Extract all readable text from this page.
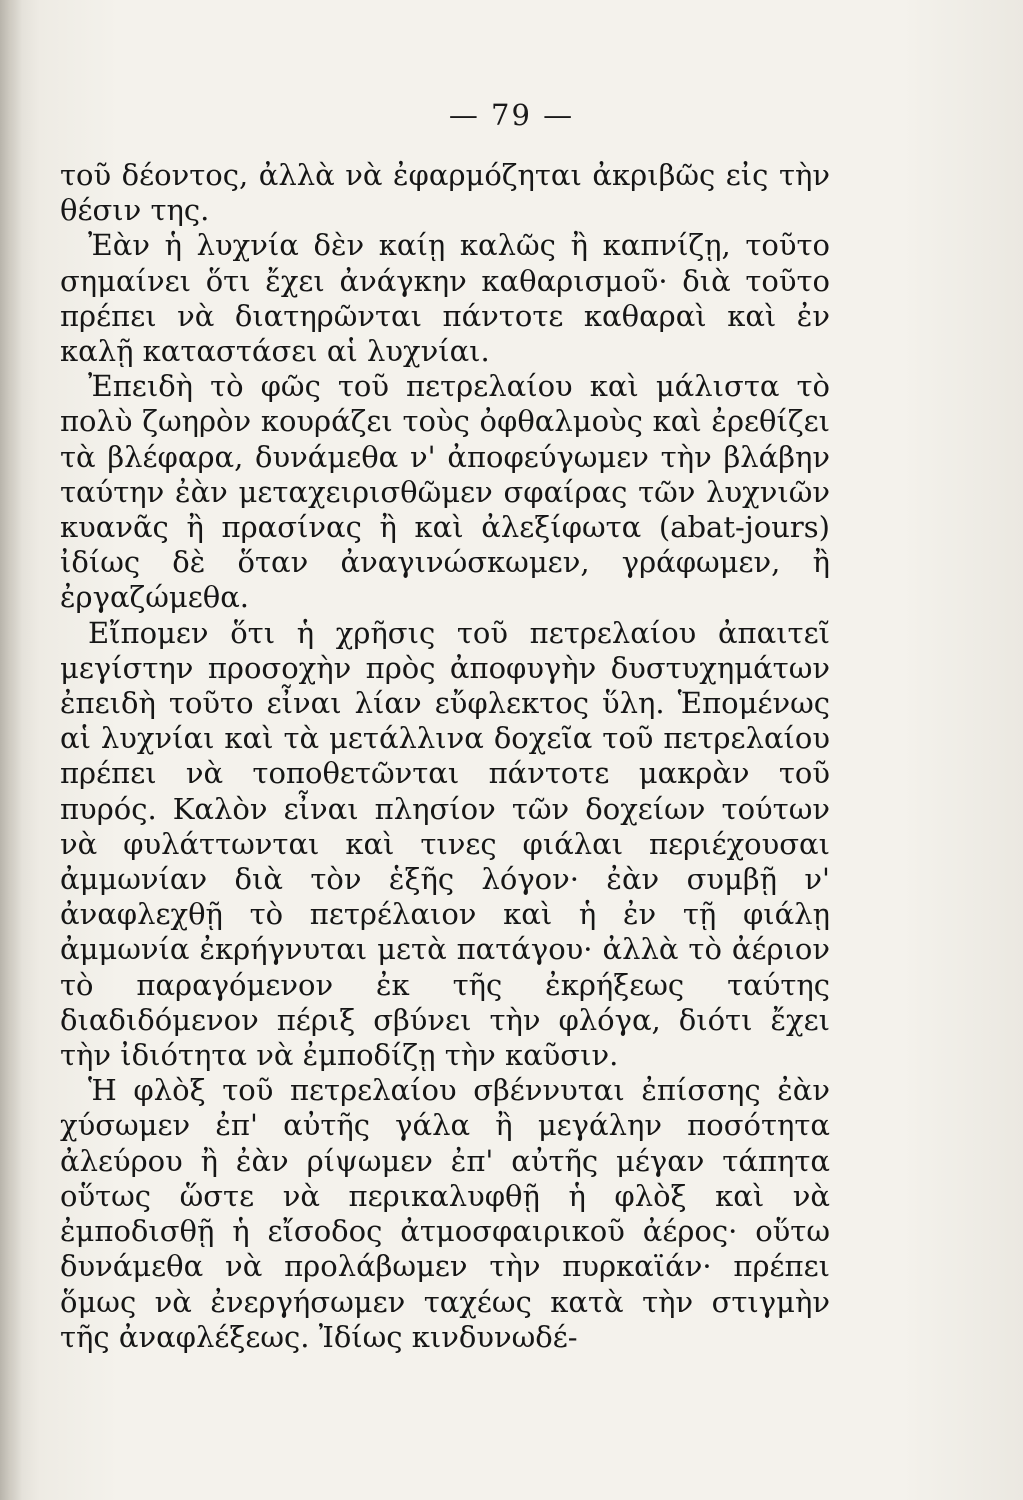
— 79 —

τοῦ δέοντος, ἀλλὰ νὰ ἐφαρμόζηται ἀκριβῶς εἰς τὴν θέσιν της.

Ἐὰν ἡ λυχνία δὲν καίῃ καλῶς ἢ καπνίζῃ, τοῦτο σημαίνει ὅτι ἔχει ἀνάγκην καθαρισμοῦ· διὰ τοῦτο πρέπει νὰ διατηρῶνται πάντοτε καθαραὶ καὶ ἐν καλῇ καταστάσει αἱ λυχνίαι.

Ἐπειδὴ τὸ φῶς τοῦ πετρελαίου καὶ μάλιστα τὸ πολὺ ζωηρὸν κουράζει τοὺς ὀφθαλμοὺς καὶ ἐρεθίζει τὰ βλέφαρα, δυνάμεθα ν' ἀποφεύγωμεν τὴν βλάβην ταύτην ἐὰν μεταχειρισθῶμεν σφαίρας τῶν λυχνιῶν κυανᾶς ἢ πρασίνας ἢ καὶ ἀλεξίφωτα (abat-jours) ἰδίως δὲ ὅταν ἀναγινώσκωμεν, γράφωμεν, ἢ ἐργαζώμεθα.

Εἴπομεν ὅτι ἡ χρῆσις τοῦ πετρελαίου ἀπαιτεῖ μεγίστην προσοχὴν πρὸς ἀποφυγὴν δυστυχημάτων ἐπειδὴ τοῦτο εἶναι λίαν εὔφλεκτος ὕλη. Ἑπομένως αἱ λυχνίαι καὶ τὰ μετάλλινα δοχεῖα τοῦ πετρελαίου πρέπει νὰ τοποθετῶνται πάντοτε μακρὰν τοῦ πυρός. Καλὸν εἶναι πλησίον τῶν δοχείων τούτων νὰ φυλάττωνται καὶ τινες φιάλαι περιέχουσαι ἀμμωνίαν διὰ τὸν ἑξῆς λόγον· ἐὰν συμβῇ ν' ἀναφλεχθῇ τὸ πετρέλαιον καὶ ἡ ἐν τῇ φιάλῃ ἀμμωνία ἐκρήγνυται μετὰ πατάγου· ἀλλὰ τὸ ἀέριον τὸ παραγόμενον ἐκ τῆς ἐκρήξεως ταύτης διαδιδόμενον πέριξ σβύνει τὴν φλόγα, διότι ἔχει τὴν ἰδιότητα νὰ ἐμποδίζῃ τὴν καῦσιν.

Ἡ φλὸξ τοῦ πετρελαίου σβέννυται ἐπίσσης ἐὰν χύσωμεν ἐπ' αὐτῆς γάλα ἢ μεγάλην ποσότητα ἀλεύρου ἢ ἐὰν ρίψωμεν ἐπ' αὐτῆς μέγαν τάπητα οὕτως ὥστε νὰ περικαλυφθῇ ἡ φλὸξ καὶ νὰ ἐμποδισθῇ ἡ εἴσοδος ἀτμοσφαιρικοῦ ἀέρος· οὕτω δυνάμεθα νὰ προλάβωμεν τὴν πυρκαϊάν· πρέπει ὅμως νὰ ἐνεργήσωμεν ταχέως κατὰ τὴν στιγμὴν τῆς ἀναφλέξεως. Ἰδίως κινδυνωδέ-
